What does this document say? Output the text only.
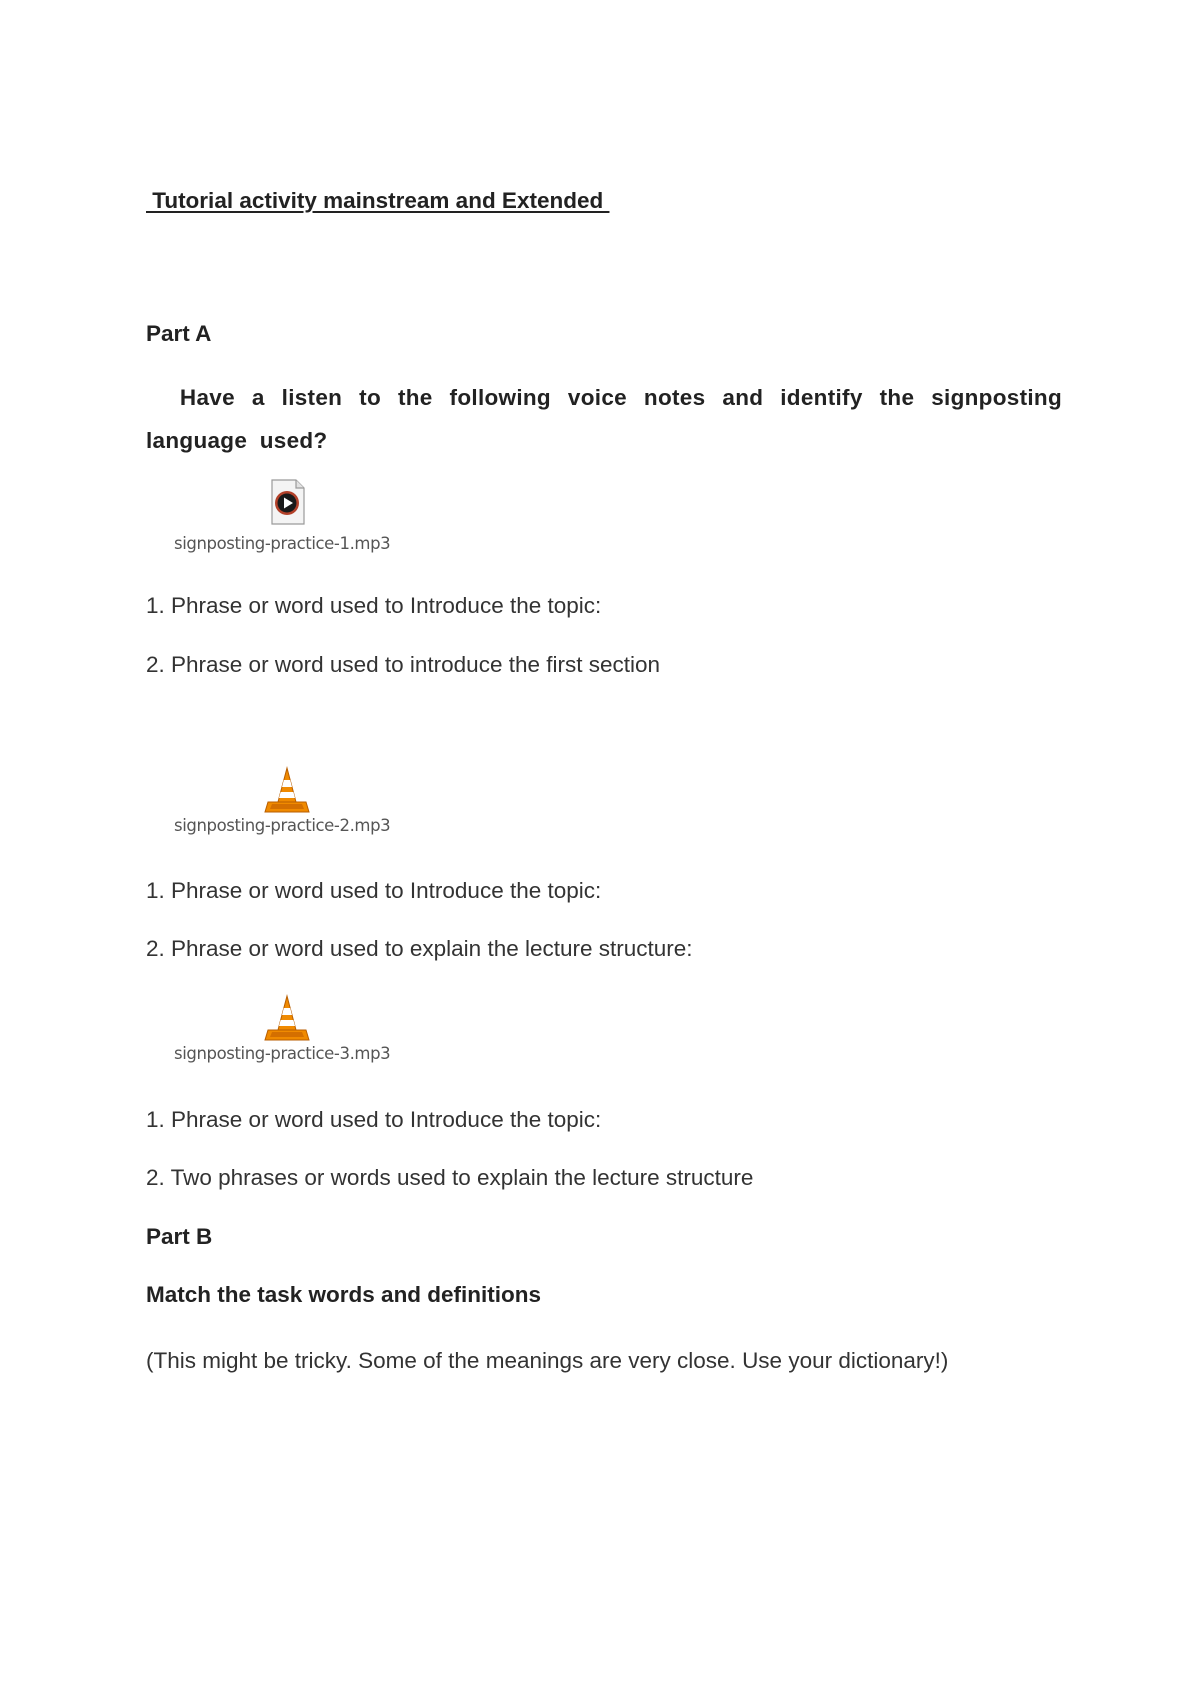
Tutorial activity mainstream and Extended
Part A
Have a listen to the following voice notes and identify the signposting language used?
signposting-practice-1.mp3
1. Phrase or word used to Introduce the topic:
2. Phrase or word used to introduce the first section
signposting-practice-2.mp3
1. Phrase or word used to Introduce the topic:
2. Phrase or word used to explain the lecture structure:
signposting-practice-3.mp3
1. Phrase or word used to Introduce the topic:
2. Two phrases or words used to explain the lecture structure
Part B
Match the task words and definitions
(This might be tricky. Some of the meanings are very close. Use your dictionary!)
